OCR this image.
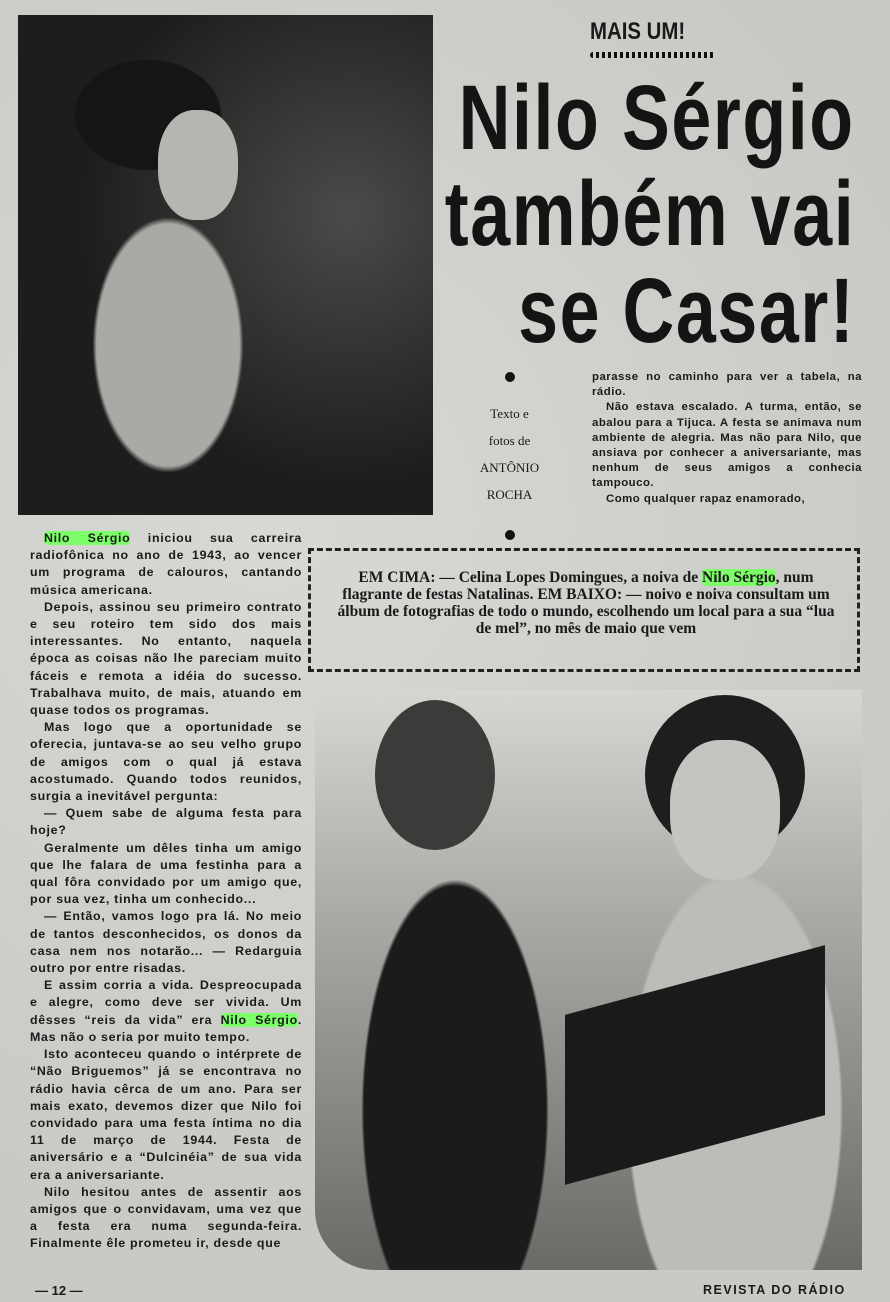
MAIS UM!
Nilo Sérgio
também vai
se Casar!
Texto e
fotos de
ANTÔNIO
ROCHA

parasse no caminho para ver a tabela, na rádio.

Não estava escalado. A turma, então, se abalou para a Tijuca. A festa se animava num ambiente de alegria. Mas não para Nilo, que ansiava por conhecer a aniversariante, mas nenhum de seus amigos a conhecia tampouco.

Como qualquer rapaz enamorado,

EM CIMA: — Celina Lopes Domingues, a noiva de Nilo Sérgio, num flagrante de festas Natalinas. EM BAIXO: — noivo e noiva consultam um álbum de fotografias de todo o mundo, escolhendo um local para a sua “lua de mel”, no mês de maio que vem

Nilo Sérgio iniciou sua carreira radiofônica no ano de 1943, ao vencer um programa de calouros, cantando música americana.

Depois, assinou seu primeiro contrato e seu roteiro tem sido dos mais interessantes. No entanto, naquela época as coisas não lhe pareciam muito fáceis e remota a idéia do sucesso. Trabalhava muito, de mais, atuando em quase todos os programas.

Mas logo que a oportunidade se oferecia, juntava-se ao seu velho grupo de amigos com o qual já estava acostumado. Quando todos reunidos, surgia a inevitável pergunta:

— Quem sabe de alguma festa para hoje?

Geralmente um dêles tinha um amigo que lhe falara de uma festinha para a qual fôra convidado por um amigo que, por sua vez, tinha um conhecido...

— Então, vamos logo pra lá. No meio de tantos desconhecidos, os donos da casa nem nos notarão... — Redarguia outro por entre risadas.

E assim corria a vida. Despreocupada e alegre, como deve ser vivida. Um dêsses “reis da vida” era Nilo Sérgio. Mas não o seria por muito tempo.

Isto aconteceu quando o intérprete de “Não Briguemos” já se encontrava no rádio havia cêrca de um ano. Para ser mais exato, devemos dizer que Nilo foi convidado para uma festa íntima no dia 11 de março de 1944. Festa de aniversário e a “Dulcinéia” de sua vida era a aniversariante.

Nilo hesitou antes de assentir aos amigos que o convidavam, uma vez que a festa era numa segunda-feira. Finalmente êle prometeu ir, desde que

— 12 —	REVISTA DO RÁDIO
